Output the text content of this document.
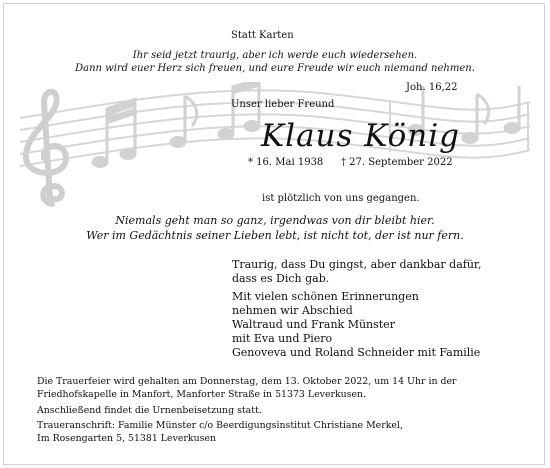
Statt Karten
Ihr seid jetzt traurig, aber ich werde euch wiedersehen.
Dann wird euer Herz sich freuen, und eure Freude wir euch niemand nehmen.
Joh. 16,22
Unser lieber Freund
Klaus König
* 16. Mai 1938 † 27. September 2022
ist plötzlich von uns gegangen.
Niemals geht man so ganz, irgendwas von dir bleibt hier.
Wer im Gedächtnis seiner Lieben lebt, ist nicht tot, der ist nur fern.
Traurig, dass Du gingst, aber dankbar dafür,
dass es Dich gab.
Mit vielen schönen Erinnerungen
nehmen wir Abschied
Waltraud und Frank Münster
mit Eva und Piero
Genoveva und Roland Schneider mit Familie
Die Trauerfeier wird gehalten am Donnerstag, dem 13. Oktober 2022, um 14 Uhr in der
Friedhofskapelle in Manfort, Manforter Straße in 51373 Leverkusen.
Anschließend findet die Urnenbeisetzung statt.
Traueranschrift: Familie Münster c/o Beerdigungsinstitut Christiane Merkel,
Im Rosengarten 5, 51381 Leverkusen
